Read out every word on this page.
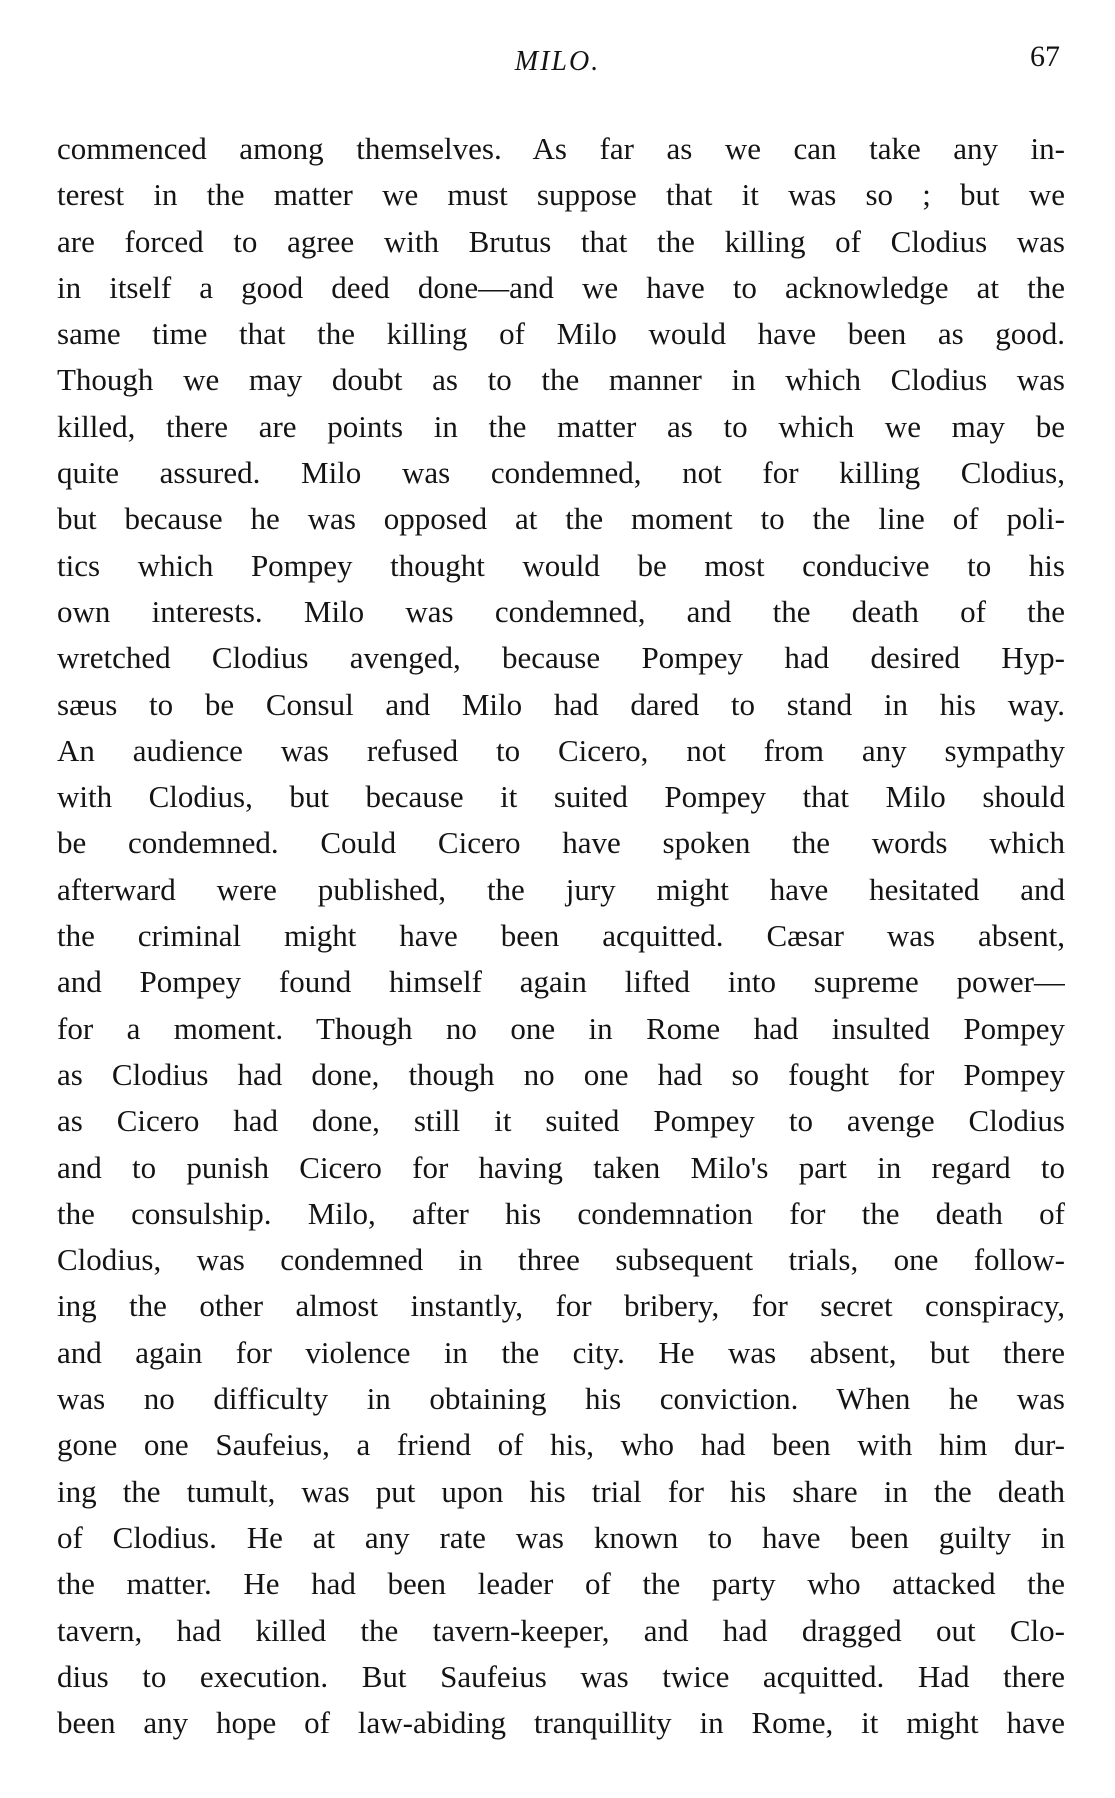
MILO.	67
commenced among themselves. As far as we can take any in-
terest in the matter we must suppose that it was so ; but we
are forced to agree with Brutus that the killing of Clodius was
in itself a good deed done—and we have to acknowledge at the
same time that the killing of Milo would have been as good.
Though we may doubt as to the manner in which Clodius was
killed, there are points in the matter as to which we may be
quite assured. Milo was condemned, not for killing Clodius,
but because he was opposed at the moment to the line of poli-
tics which Pompey thought would be most conducive to his
own interests. Milo was condemned, and the death of the
wretched Clodius avenged, because Pompey had desired Hyp-
sæus to be Consul and Milo had dared to stand in his way.
An audience was refused to Cicero, not from any sympathy
with Clodius, but because it suited Pompey that Milo should
be condemned. Could Cicero have spoken the words which
afterward were published, the jury might have hesitated and
the criminal might have been acquitted. Cæsar was absent,
and Pompey found himself again lifted into supreme power—
for a moment. Though no one in Rome had insulted Pompey
as Clodius had done, though no one had so fought for Pompey
as Cicero had done, still it suited Pompey to avenge Clodius
and to punish Cicero for having taken Milo's part in regard to
the consulship. Milo, after his condemnation for the death of
Clodius, was condemned in three subsequent trials, one follow-
ing the other almost instantly, for bribery, for secret conspiracy,
and again for violence in the city. He was absent, but there
was no difficulty in obtaining his conviction. When he was
gone one Saufeius, a friend of his, who had been with him dur-
ing the tumult, was put upon his trial for his share in the death
of Clodius. He at any rate was known to have been guilty in
the matter. He had been leader of the party who attacked the
tavern, had killed the tavern-keeper, and had dragged out Clo-
dius to execution. But Saufeius was twice acquitted. Had there
been any hope of law-abiding tranquillity in Rome, it might have
